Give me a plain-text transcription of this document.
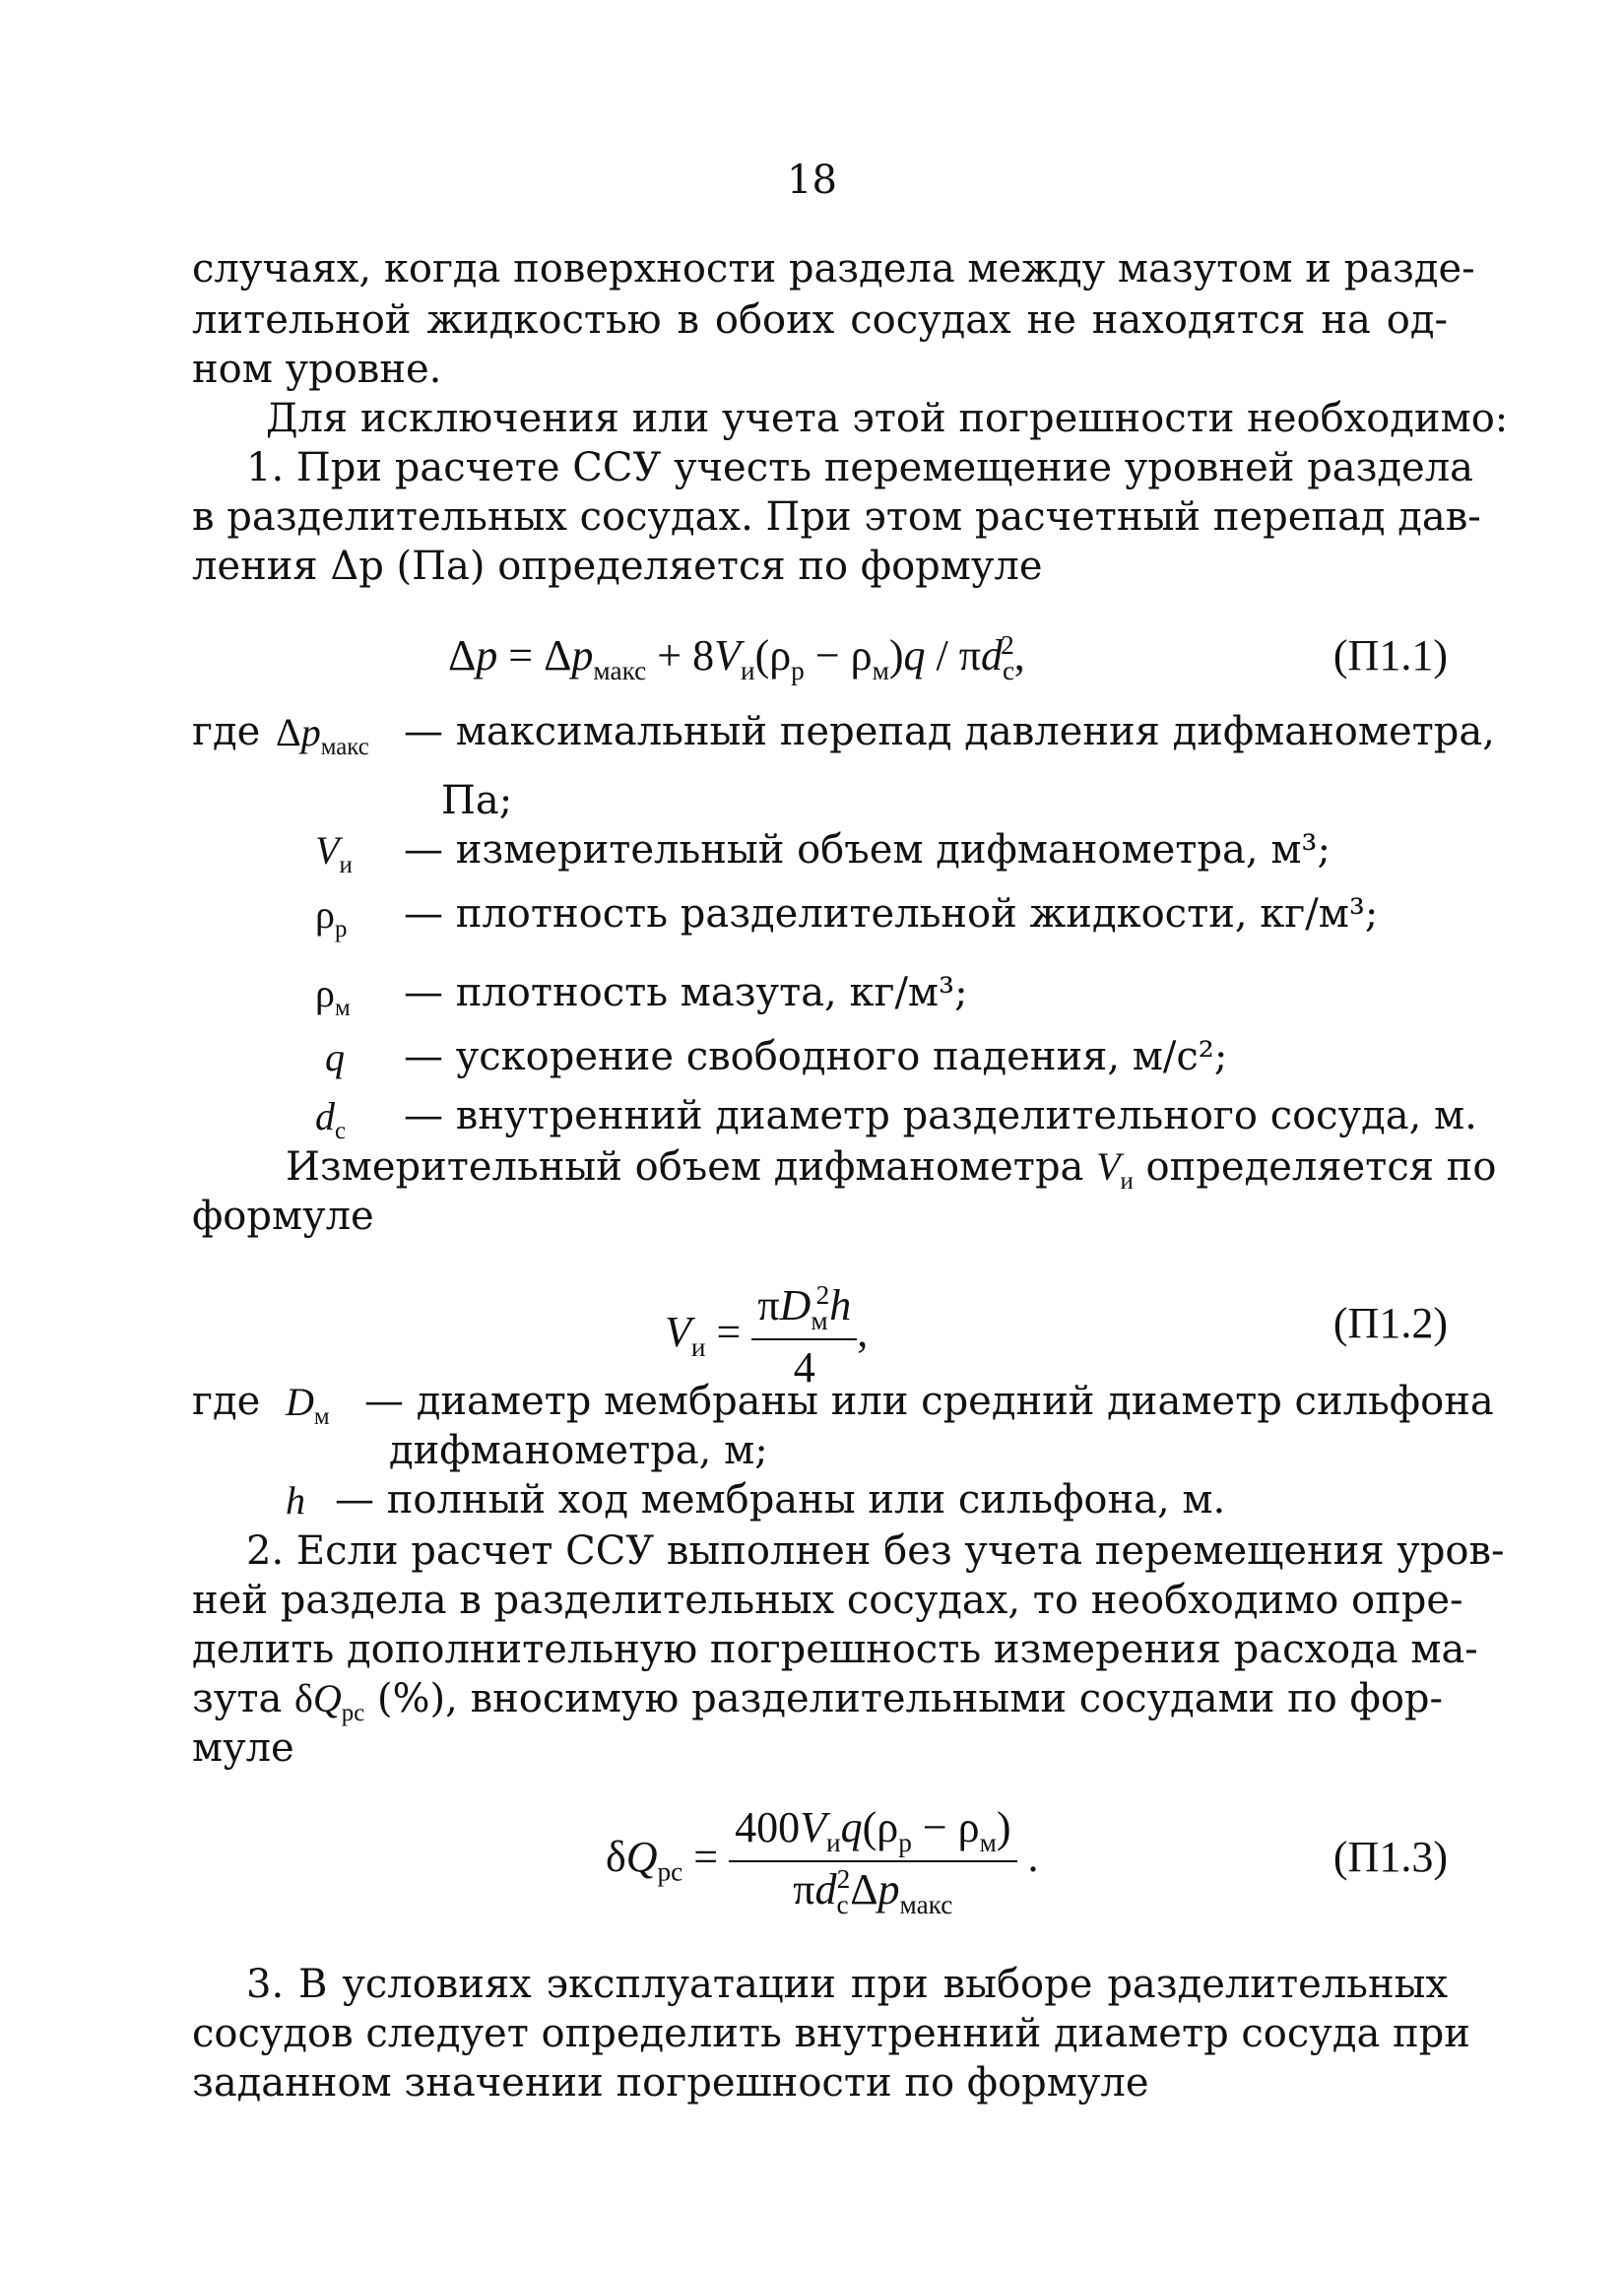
18
случаях, когда поверхности раздела между мазутом и разде-
лительной жидкостью в обоих сосудах не находятся на од-
ном уровне.
Для исключения или учета этой погрешности необходимо:
1. При расчете ССУ учесть перемещение уровней раздела
в разделительных сосудах. При этом расчетный перепад дав-
ления Δр (Па) определяется по формуле
$\Delta p = \Delta p_{макс} + 8V_и(\rho_р - \rho_м)q / \pi d_с^2$,	(П1.1)
где $\Delta p_{макс}$ — максимальный перепад давления дифманометра,
Па;
$V_и$ — измерительный объем дифманометра, м³;
$\rho_р$ — плотность разделительной жидкости, кг/м³;
$\rho_м$ — плотность мазута, кг/м³;
q — ускорение свободного падения, м/с²;
$d_с$ — внутренний диаметр разделительного сосуда, м.
Измерительный объем дифманометра $V_и$ определяется по
формуле
$V_и = \frac{\pi D_м^2h}{4}$ ,	(П1.2)
где $D_м$ — диаметр мембраны или средний диаметр сильфона
дифманометра, м;
h — полный ход мембраны или сильфона, м.
2. Если расчет ССУ выполнен без учета перемещения уров-
ней раздела в разделительных сосудах, то необходимо опре-
делить дополнительную погрешность измерения расхода ма-
зута $\delta Q_{рс}$ (%), вносимую разделительными сосудами по фор-
муле
$\delta Q_{рс} = \frac{400V_иq(\rho_р - \rho_м)}{\pi d_с^2\Delta p_{макс}}$ .	(П1.3)
3. В условиях эксплуатации при выборе разделительных
сосудов следует определить внутренний диаметр сосуда при
заданном значении погрешности по формуле
